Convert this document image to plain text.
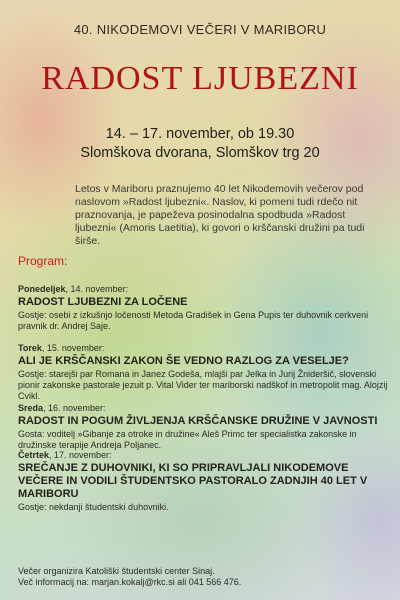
40. NIKODEMOVI VEČERI V MARIBORU
RADOST LJUBEZNI
14. – 17. november, ob 19.30
Slomškova dvorana, Slomškov trg 20
Letos v Mariboru praznujemo 40 let Nikodemovih večerov pod naslovom »Radost ljubezni«. Naslov, ki pomeni tudi rdečo nit praznovanja, je papeževa posinodalna spodbuda »Radost ljubezni« (Amoris Laetitia), ki govori o krščanski družini pa tudi širše.
Program:
Ponedeljek, 14. november:
RADOST LJUBEZNI ZA LOČENE
Gostje: osebi z izkušnjo ločenosti Metoda Gradišek in Gena Pupis ter duhovnik cerkveni pravnik dr. Andrej Saje.
Torek, 15. november:
ALI JE KRŠČANSKI ZAKON ŠE VEDNO RAZLOG ZA VESELJE?
Gostje: starejši par Romana in Janez Godeša, mlajši par Jelka in Jurij Žnideršič, slovenski pionir zakonske pastorale jezuit p. Vital Vider ter mariborski nadškof in metropolit mag. Alojzij Cvikl.
Sreda, 16. november:
RADOST IN POGUM ŽIVLJENJA KRŠČANSKE DRUŽINE V JAVNOSTI
Gosta: voditelj »Gibanje za otroke in družine« Aleš Primc ter specialistka zakonske in družinske terapije Andreja Poljanec.
Četrtek, 17. november:
SREČANJE Z DUHOVNIKI, KI SO PRIPRAVLJALI NIKODEMOVE VEČERE IN VODILI ŠTUDENTSKO PASTORALO ZADNJIH 40 LET V MARIBORU
Gostje: nekdanji študentski duhovniki.
Večer organizira Katoliški študentski center Sinaj.
Več informacij na: marjan.kokalj@rkc.si ali 041 566 476.
